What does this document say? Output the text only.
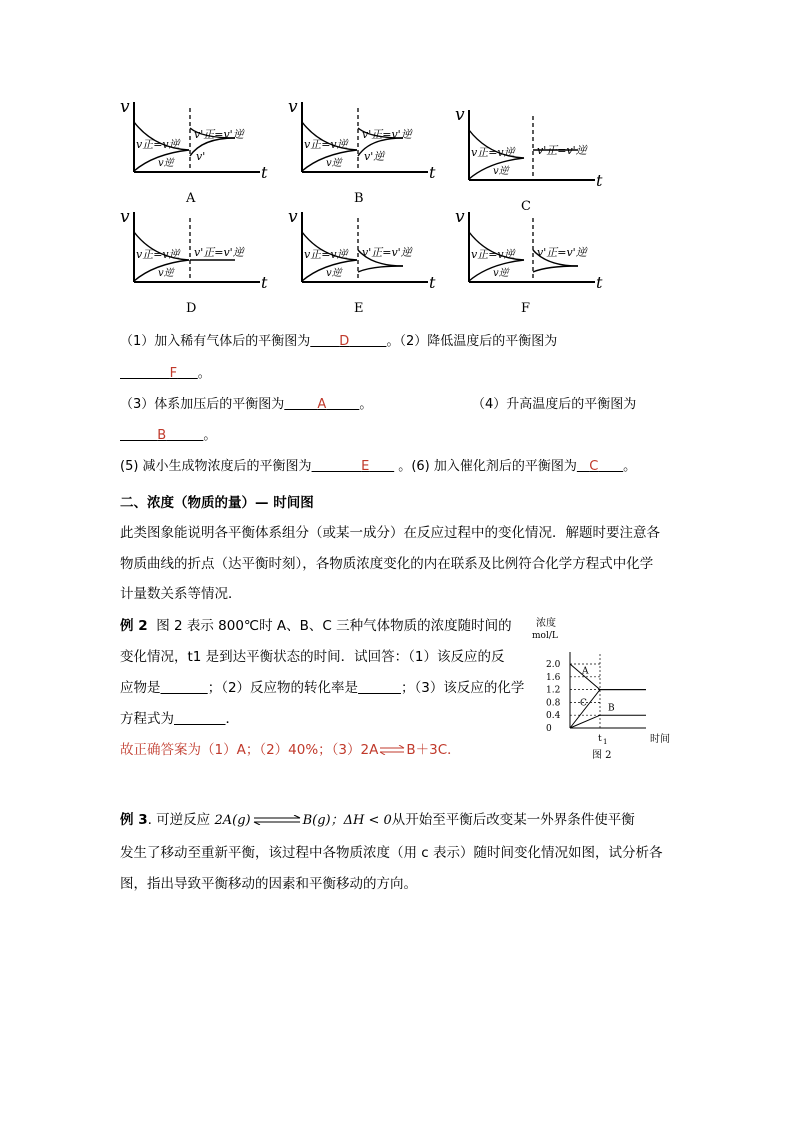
v
t
v正=v逆
v逆
v'正=v'逆
v'
A
v
t
v正=v逆
v逆
v'正=v'逆
v'逆
B
v
t
v正=v逆
v逆
v'正=v'逆
C
v
t
v正=v逆
v逆
v'正=v'逆
D
v
t
v正=v逆
v逆
v'正=v'逆
E
v
t
v正=v逆
v逆
v'正=v'逆
F
（1）加入稀有气体后的平衡图为 D	。（2）降低温度后的平衡图为
F 。
（3）体系加压后的平衡图为	A	。	（4）升高温度后的平衡图为
B	。
(5) 减小生成物浓度后的平衡图为	E       。(6) 加入催化剂后的平衡图为 C 。
二、浓度（物质的量）— 时间图
此类图象能说明各平衡体系组分（或某一成分）在反应过程中的变化情况．解题时要注意各
物质曲线的折点（达平衡时刻），各物质浓度变化的内在联系及比例符合化学方程式中化学
计量数关系等情况．
例 2 图 2 表示 800℃时 A、B、C 三种气体物质的浓度随时间的
变化情况，t1 是到达平衡状态的时间．试回答：（1）该反应的反
应物是	；（2）反应物的转化率是	；（3）该反应的化学
方程式为	．
故正确答案为（1）A；（2）40%；（3）2A⇌B＋3C．
浓度
mol/L
2.0
1.6
1.2
0.8
0.4
0
A
B
C
t 1	时间
图 2
例 3. 可逆反应 2A(g) ⇌ B(g)；ΔH < 0从开始至平衡后改变某一外界条件使平衡
发生了移动至重新平衡，该过程中各物质浓度（用 c 表示）随时间变化情况如图，试分析各
图，指出导致平衡移动的因素和平衡移动的方向。
